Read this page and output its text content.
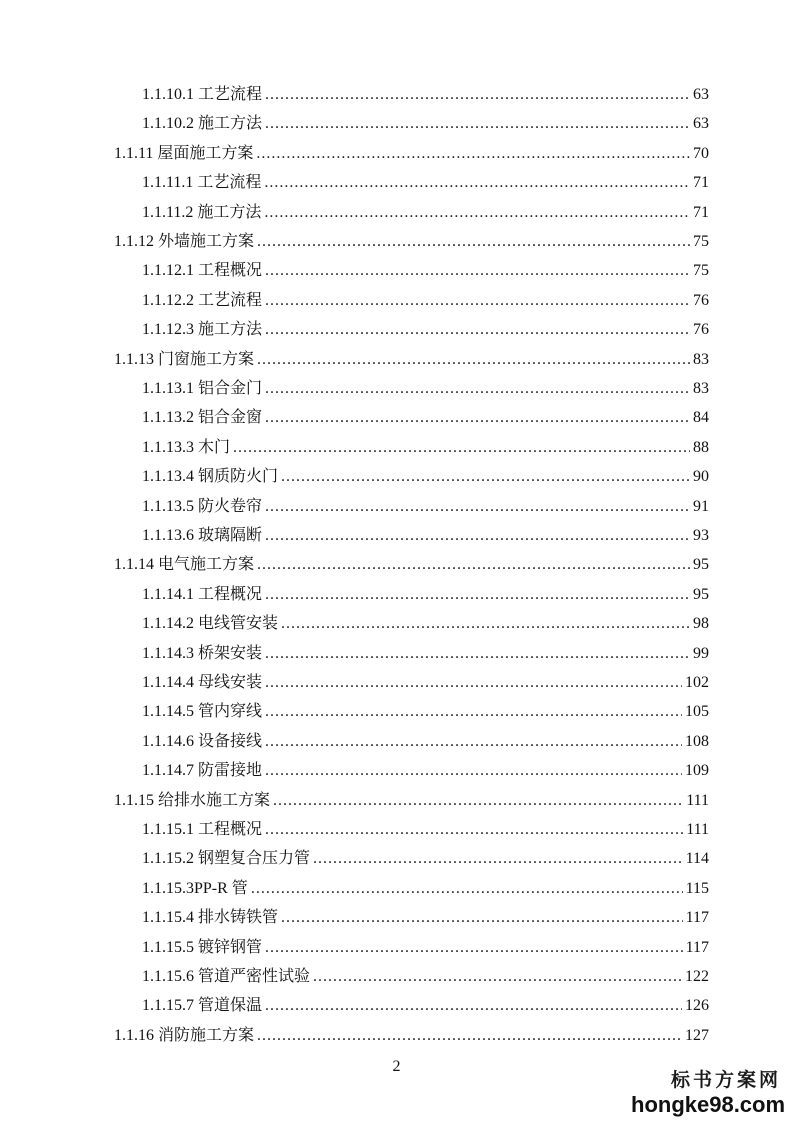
1.1.10.1 工艺流程 .....	63
1.1.10.2 施工方法 .....	63
1.1.11 屋面施工方案 .....	70
1.1.11.1 工艺流程 .....	71
1.1.11.2 施工方法 .....	71
1.1.12 外墙施工方案 .....	75
1.1.12.1 工程概况 .....	75
1.1.12.2 工艺流程 .....	76
1.1.12.3 施工方法 .....	76
1.1.13 门窗施工方案 .....	83
1.1.13.1 铝合金门 .....	83
1.1.13.2 铝合金窗 .....	84
1.1.13.3 木门 .....	88
1.1.13.4 钢质防火门 .....	90
1.1.13.5 防火卷帘 .....	91
1.1.13.6 玻璃隔断 .....	93
1.1.14 电气施工方案 .....	95
1.1.14.1 工程概况 .....	95
1.1.14.2 电线管安装 .....	98
1.1.14.3 桥架安装 .....	99
1.1.14.4 母线安装 .....	102
1.1.14.5 管内穿线 .....	105
1.1.14.6 设备接线 .....	108
1.1.14.7 防雷接地 .....	109
1.1.15 给排水施工方案 .....	111
1.1.15.1 工程概况 .....	111
1.1.15.2 钢塑复合压力管 .....	114
1.1.15.3 PP-R 管 .....	115
1.1.15.4 排水铸铁管 .....	117
1.1.15.5 镀锌钢管 .....	117
1.1.15.6 管道严密性试验 .....	122
1.1.15.7 管道保温 .....	126
1.1.16 消防施工方案 .....	127
2
标书方案网
hongke98.com
